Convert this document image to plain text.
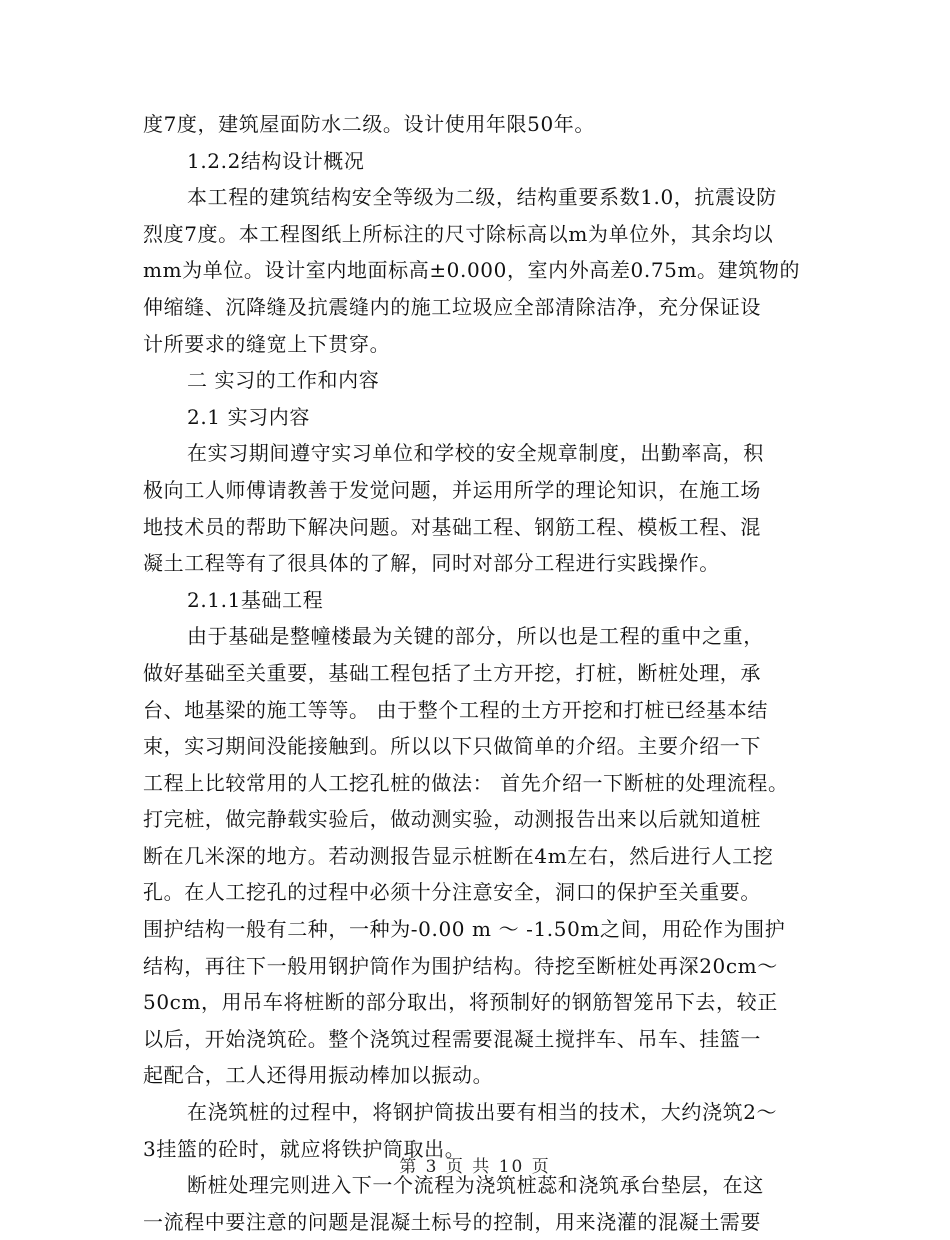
度7度，建筑屋面防水二级。设计使用年限50年。
1.2.2结构设计概况
本工程的建筑结构安全等级为二级，结构重要系数1.0，抗震设防
烈度7度。本工程图纸上所标注的尺寸除标高以m为单位外，其余均以
mm为单位。设计室内地面标高±0.000，室内外高差0.75m。建筑物的
伸缩缝、沉降缝及抗震缝内的施工垃圾应全部清除洁净，充分保证设
计所要求的缝宽上下贯穿。
二 实习的工作和内容
2.1 实习内容
在实习期间遵守实习单位和学校的安全规章制度，出勤率高，积
极向工人师傅请教善于发觉问题，并运用所学的理论知识，在施工场
地技术员的帮助下解决问题。对基础工程、钢筋工程、模板工程、混
凝土工程等有了很具体的了解，同时对部分工程进行实践操作。
2.1.1基础工程
由于基础是整幢楼最为关键的部分，所以也是工程的重中之重，
做好基础至关重要，基础工程包括了土方开挖，打桩，断桩处理，承
台、地基梁的施工等等。 由于整个工程的土方开挖和打桩已经基本结
束，实习期间没能接触到。所以以下只做简单的介绍。主要介绍一下
工程上比较常用的人工挖孔桩的做法： 首先介绍一下断桩的处理流程。
打完桩，做完静载实验后，做动测实验，动测报告出来以后就知道桩
断在几米深的地方。若动测报告显示桩断在4m左右，然后进行人工挖
孔。在人工挖孔的过程中必须十分注意安全，洞口的保护至关重要。
围护结构一般有二种，一种为-0.00 m ～ -1.50m之间，用砼作为围护
结构，再往下一般用钢护筒作为围护结构。待挖至断桩处再深20cm～
50cm，用吊车将桩断的部分取出，将预制好的钢筋智笼吊下去，较正
以后，开始浇筑砼。整个浇筑过程需要混凝土搅拌车、吊车、挂篮一
起配合，工人还得用振动棒加以振动。
在浇筑桩的过程中，将钢护筒拔出要有相当的技术，大约浇筑2～
3挂篮的砼时，就应将铁护筒取出。
断桩处理完则进入下一个流程为浇筑桩蕊和浇筑承台垫层，在这
一流程中要注意的问题是混凝土标号的控制，用来浇灌的混凝土需要
第 3 页 共 10 页
